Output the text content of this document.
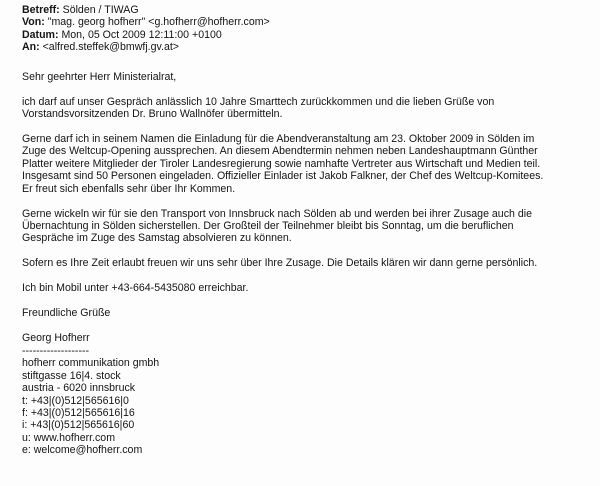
Betreff: Sölden / TIWAG
Von: "mag. georg hofherr" <g.hofherr@hofherr.com>
Datum: Mon, 05 Oct 2009 12:11:00 +0100
An: <alfred.steffek@bmwfj.gv.at>
Sehr geehrter Herr Ministerialrat,
ich darf auf unser Gespräch anlässlich 10 Jahre Smarttech zurückkommen und die lieben Grüße von
Vorstandsvorsitzenden Dr. Bruno Wallnöfer übermitteln.
Gerne darf ich in seinem Namen die Einladung für die Abendveranstaltung am 23. Oktober 2009 in Sölden im
Zuge des Weltcup-Opening aussprechen. An diesem Abendtermin nehmen neben Landeshauptmann Günther
Platter weitere Mitglieder der Tiroler Landesregierung sowie namhafte Vertreter aus Wirtschaft und Medien teil.
Insgesamt sind 50 Personen eingeladen. Offizieller Einlader ist Jakob Falkner, der Chef des Weltcup-Komitees.
Er freut sich ebenfalls sehr über Ihr Kommen.
Gerne wickeln wir für sie den Transport von Innsbruck nach Sölden ab und werden bei ihrer Zusage auch die
Übernachtung in Sölden sicherstellen. Der Großteil der Teilnehmer bleibt bis Sonntag, um die beruflichen
Gespräche im Zuge des Samstag absolvieren zu können.
Sofern es Ihre Zeit erlaubt freuen wir uns sehr über Ihre Zusage. Die Details klären wir dann gerne persönlich.
Ich bin Mobil unter +43-664-5435080 erreichbar.
Freundliche Grüße
Georg Hofherr
-------------------
hofherr communikation gmbh
stiftgasse 16|4. stock
austria - 6020 innsbruck
t: +43|(0)512|565616|0
f: +43|(0)512|565616|16
i: +43|(0)512|565616|60
u: www.hofherr.com
e: welcome@hofherr.com
